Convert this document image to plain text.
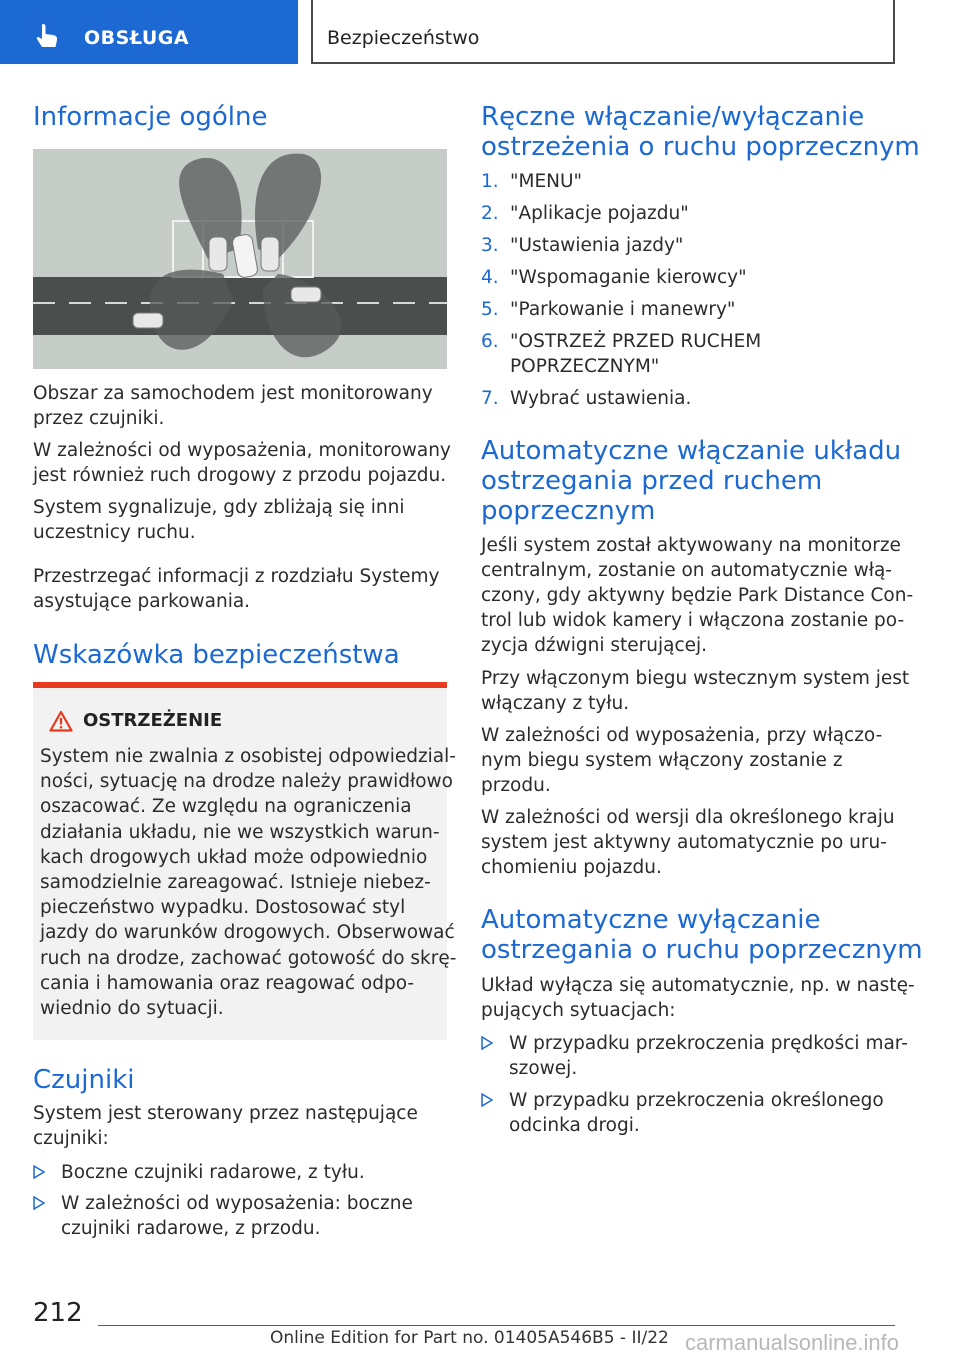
OBSŁUGA	Bezpieczeństwo
Informacje ogólne

Obszar za samochodem jest monitorowany
przez czujniki.

W zależności od wyposażenia, monitorowany
jest również ruch drogowy z przodu pojazdu.

System sygnalizuje, gdy zbliżają się inni
uczestnicy ruchu.

Przestrzegać informacji z rozdziału Systemy
asystujące parkowania.

Wskazówka bezpieczeństwa
OSTRZEŻENIE
System nie zwalnia z osobistej odpowiedzial-
ności, sytuację na drodze należy prawidłowo
oszacować. Ze względu na ograniczenia
działania układu, nie we wszystkich warun-
kach drogowych układ może odpowiednio
samodzielnie zareagować. Istnieje niebez-
pieczeństwo wypadku. Dostosować styl
jazdy do warunków drogowych. Obserwować
ruch na drodze, zachować gotowość do skrę-
cania i hamowania oraz reagować odpo-
wiednio do sytuacji.
Czujniki

System jest sterowany przez następujące
czujniki:

Boczne czujniki radarowe, z tyłu.
W zależności od wyposażenia: boczne
czujniki radarowe, z przodu.
Ręczne włączanie/wyłączanie
ostrzeżenia o ruchu poprzecznym
1. "MENU"
2. "Aplikacje pojazdu"
3. "Ustawienia jazdy"
4. "Wspomaganie kierowcy"
5. "Parkowanie i manewry"
6. "OSTRZEŻ PRZED RUCHEM
POPRZECZNYM"
7. Wybrać ustawienia.
Automatyczne włączanie układu
ostrzegania przed ruchem
poprzecznym

Jeśli system został aktywowany na monitorze
centralnym, zostanie on automatycznie włą-
czony, gdy aktywny będzie Park Distance Con-
trol lub widok kamery i włączona zostanie po-
zycja dźwigni sterującej.

Przy włączonym biegu wstecznym system jest
włączany z tyłu.

W zależności od wyposażenia, przy włączo-
nym biegu system włączony zostanie z
przodu.

W zależności od wersji dla określonego kraju
system jest aktywny automatycznie po uru-
chomieniu pojazdu.

Automatyczne wyłączanie
ostrzegania o ruchu poprzecznym

Układ wyłącza się automatycznie, np. w nastę-
pujących sytuacjach:

W przypadku przekroczenia prędkości mar-
szowej.
W przypadku przekroczenia określonego
odcinka drogi.
212
Online Edition for Part no. 01405A546B5 - II/22 carmanualsonline.info
